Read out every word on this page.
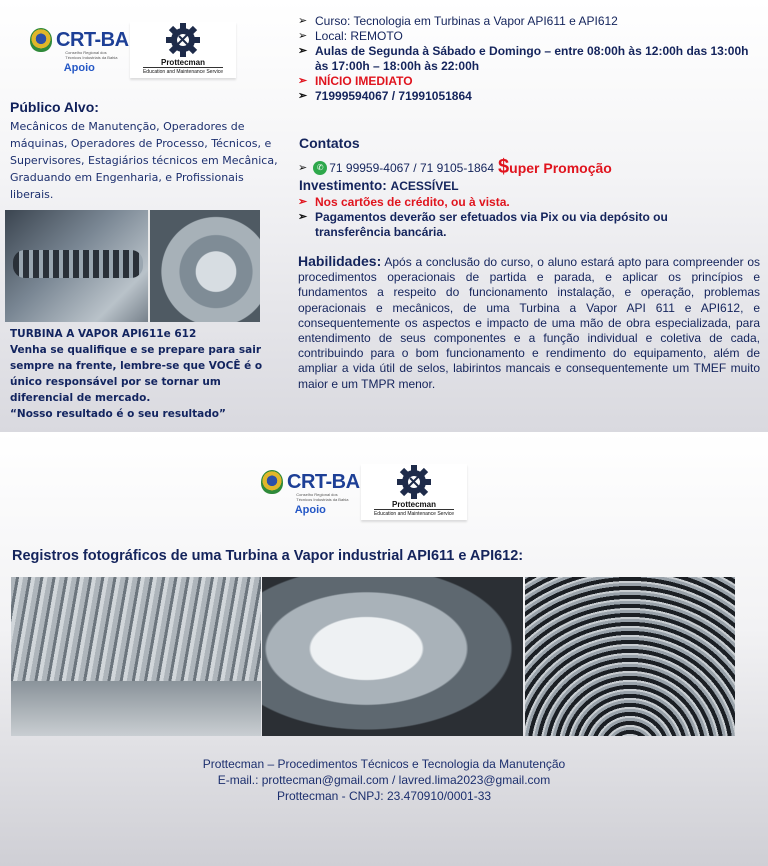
CRT-BA
Conselho Regional dos Técnicos Industriais da Bahia
Apoio	Prottecman
Education and Maintenance Service
Público Alvo:
Mecânicos de Manutenção, Operadores de máquinas, Operadores de Processo, Técnicos, e Supervisores, Estagiários técnicos em Mecânica, Graduando em Engenharia, e Profissionais liberais.
TURBINA A VAPOR API611e 612
Venha se qualifique e se prepare para sair sempre na frente, lembre-se que VOCÊ é o único responsável por se tornar um diferencial de mercado.
“Nosso resultado é o seu resultado”
➢ Curso: Tecnologia em Turbinas a Vapor API611 e API612
➢ Local: REMOTO
➢ Aulas de Segunda à Sábado e Domingo – entre 08:00h às 12:00h das 13:00h às 17:00h – 18:00h às 22:00h
➢ INÍCIO IMEDIATO
➢ 71999594067 / 71991051864
Contatos
➢	✆ 71 99959-4067 / 71 9105-1864 $uper Promoção
Investimento: ACESSÍVEL
➢ Nos cartões de crédito, ou à vista.
➢ Pagamentos deverão ser efetuados via Pix ou via depósito ou transferência bancária.
Habilidades: Após a conclusão do curso, o aluno estará apto para compreender os procedimentos operacionais de partida e parada, e aplicar os princípios e fundamentos a respeito do funcionamento instalação, e operação, problemas operacionais e mecânicos, de uma Turbina a Vapor API 611 e API612, e consequentemente os aspectos e impacto de uma mão de obra especializada, para entendimento de seus componentes e a função individual e coletiva de cada, contribuindo para o bom funcionamento e rendimento do equipamento, além de ampliar a vida útil de selos, labirintos mancais e consequentemente um TMEF muito maior e um TMPR menor.
CRT-BA
Conselho Regional dos Técnicos Industriais da Bahia
Apoio	Prottecman
Education and Maintenance Service
Registros fotográficos de uma Turbina a Vapor industrial API611 e API612:
Prottecman – Procedimentos Técnicos e Tecnologia da Manutenção
E-mail.: prottecman@gmail.com / lavred.lima2023@gmail.com
Prottecman - CNPJ: 23.470910/0001-33
